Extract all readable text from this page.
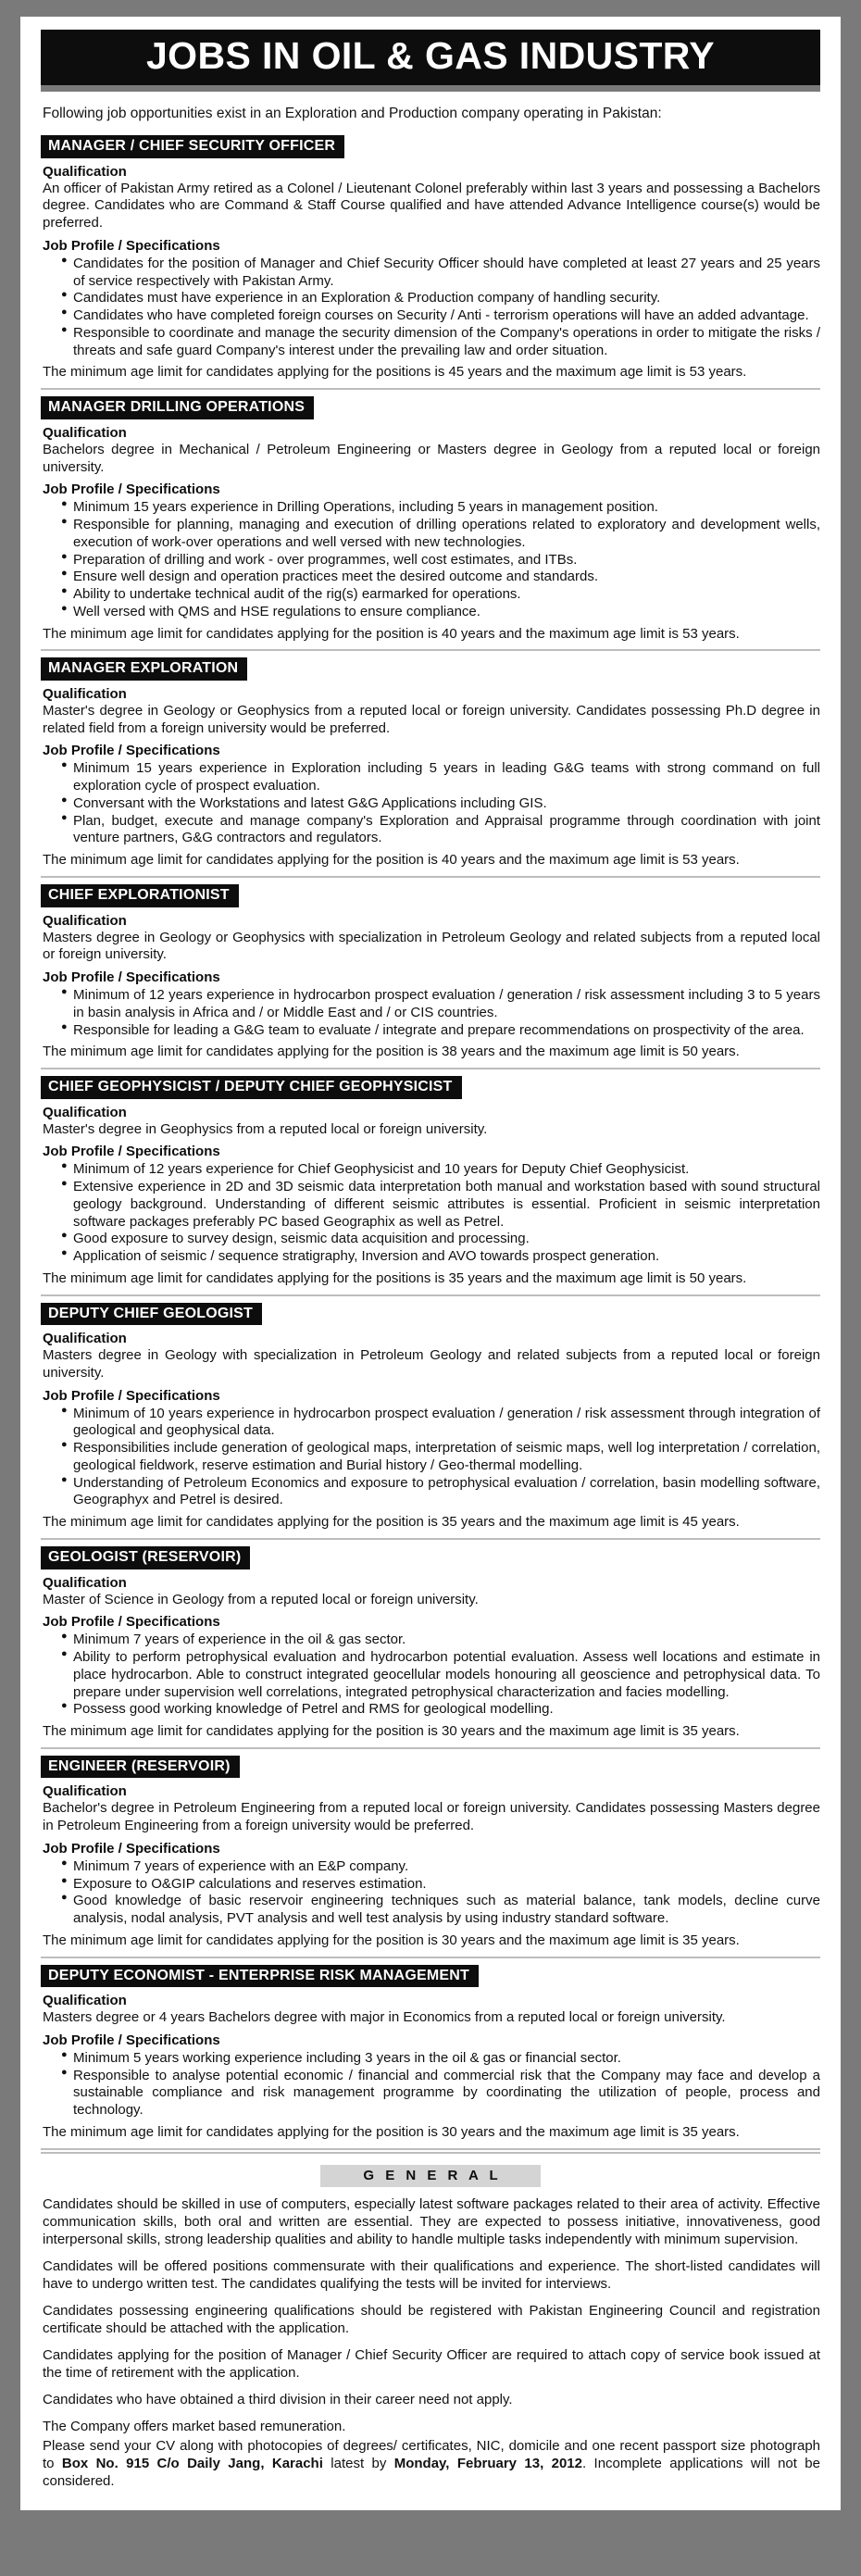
JOBS IN OIL & GAS INDUSTRY

Following job opportunities exist in an Exploration and Production company operating in Pakistan:

MANAGER / CHIEF SECURITY OFFICER
Qualification

An officer of Pakistan Army retired as a Colonel / Lieutenant Colonel preferably within last 3 years and possessing a Bachelors degree. Candidates who are Command & Staff Course qualified and have attended Advance Intelligence course(s) would be preferred.

Job Profile / Specifications
● Candidates for the position of Manager and Chief Security Officer should have completed at least 27 years and 25 years of service respectively with Pakistan Army.
● Candidates must have experience in an Exploration & Production company of handling security.
● Candidates who have completed foreign courses on Security / Anti - terrorism operations will have an added advantage.
● Responsible to coordinate and manage the security dimension of the Company's operations in order to mitigate the risks / threats and safe guard Company's interest under the prevailing law and order situation.

The minimum age limit for candidates applying for the positions is 45 years and the maximum age limit is 53 years.

MANAGER DRILLING OPERATIONS
Qualification

Bachelors degree in Mechanical / Petroleum Engineering or Masters degree in Geology from a reputed local or foreign university.

Job Profile / Specifications
● Minimum 15 years experience in Drilling Operations, including 5 years in management position.
● Responsible for planning, managing and execution of drilling operations related to exploratory and development wells, execution of work-over operations and well versed with new technologies.
● Preparation of drilling and work - over programmes, well cost estimates, and ITBs.
● Ensure well design and operation practices meet the desired outcome and standards.
● Ability to undertake technical audit of the rig(s) earmarked for operations.
● Well versed with QMS and HSE regulations to ensure compliance.

The minimum age limit for candidates applying for the position is 40 years and the maximum age limit is 53 years.

MANAGER EXPLORATION
Qualification

Master's degree in Geology or Geophysics from a reputed local or foreign university. Candidates possessing Ph.D degree in related field from a foreign university would be preferred.

Job Profile / Specifications
● Minimum 15 years experience in Exploration including 5 years in leading G&G teams with strong command on full exploration cycle of prospect evaluation.
● Conversant with the Workstations and latest G&G Applications including GIS.
● Plan, budget, execute and manage company's Exploration and Appraisal programme through coordination with joint venture partners, G&G contractors and regulators.

The minimum age limit for candidates applying for the position is 40 years and the maximum age limit is 53 years.

CHIEF EXPLORATIONIST
Qualification

Masters degree in Geology or Geophysics with specialization in Petroleum Geology and related subjects from a reputed local or foreign university.

Job Profile / Specifications
● Minimum of 12 years experience in hydrocarbon prospect evaluation / generation / risk assessment including 3 to 5 years in basin analysis in Africa and / or Middle East and / or CIS countries.
● Responsible for leading a G&G team to evaluate / integrate and prepare recommendations on prospectivity of the area.

The minimum age limit for candidates applying for the position is 38 years and the maximum age limit is 50 years.

CHIEF GEOPHYSICIST / DEPUTY CHIEF GEOPHYSICIST
Qualification

Master's degree in Geophysics from a reputed local or foreign university.

Job Profile / Specifications
● Minimum of 12 years experience for Chief Geophysicist and 10 years for Deputy Chief Geophysicist.
● Extensive experience in 2D and 3D seismic data interpretation both manual and workstation based with sound structural geology background. Understanding of different seismic attributes is essential. Proficient in seismic interpretation software packages preferably PC based Geographix as well as Petrel.
● Good exposure to survey design, seismic data acquisition and processing.
● Application of seismic / sequence stratigraphy, Inversion and AVO towards prospect generation.

The minimum age limit for candidates applying for the positions is 35 years and the maximum age limit is 50 years.

DEPUTY CHIEF GEOLOGIST
Qualification

Masters degree in Geology with specialization in Petroleum Geology and related subjects from a reputed local or foreign university.

Job Profile / Specifications
● Minimum of 10 years experience in hydrocarbon prospect evaluation / generation / risk assessment through integration of geological and geophysical data.
● Responsibilities include generation of geological maps, interpretation of seismic maps, well log interpretation / correlation, geological fieldwork, reserve estimation and Burial history / Geo-thermal modelling.
● Understanding of Petroleum Economics and exposure to petrophysical evaluation / correlation, basin modelling software, Geographyx and Petrel is desired.

The minimum age limit for candidates applying for the position is 35 years and the maximum age limit is 45 years.

GEOLOGIST (RESERVOIR)
Qualification

Master of Science in Geology from a reputed local or foreign university.

Job Profile / Specifications
● Minimum 7 years of experience in the oil & gas sector.
● Ability to perform petrophysical evaluation and hydrocarbon potential evaluation. Assess well locations and estimate in place hydrocarbon. Able to construct integrated geocellular models honouring all geoscience and petrophysical data. To prepare under supervision well correlations, integrated petrophysical characterization and facies modelling.
● Possess good working knowledge of Petrel and RMS for geological modelling.

The minimum age limit for candidates applying for the position is 30 years and the maximum age limit is 35 years.

ENGINEER (RESERVOIR)
Qualification

Bachelor's degree in Petroleum Engineering from a reputed local or foreign university. Candidates possessing Masters degree in Petroleum Engineering from a foreign university would be preferred.

Job Profile / Specifications
● Minimum 7 years of experience with an E&P company.
● Exposure to O&GIP calculations and reserves estimation.
● Good knowledge of basic reservoir engineering techniques such as material balance, tank models, decline curve analysis, nodal analysis, PVT analysis and well test analysis by using industry standard software.

The minimum age limit for candidates applying for the position is 30 years and the maximum age limit is 35 years.

DEPUTY ECONOMIST - ENTERPRISE RISK MANAGEMENT
Qualification

Masters degree or 4 years Bachelors degree with major in Economics from a reputed local or foreign university.

Job Profile / Specifications
● Minimum 5 years working experience including 3 years in the oil & gas or financial sector.
● Responsible to analyse potential economic / financial and commercial risk that the Company may face and develop a sustainable compliance and risk management programme by coordinating the utilization of people, process and technology.

The minimum age limit for candidates applying for the position is 30 years and the maximum age limit is 35 years.

G E N E R A L

Candidates should be skilled in use of computers, especially latest software packages related to their area of activity. Effective communication skills, both oral and written are essential. They are expected to possess initiative, innovativeness, good interpersonal skills, strong leadership qualities and ability to handle multiple tasks independently with minimum supervision.

Candidates will be offered positions commensurate with their qualifications and experience. The short-listed candidates will have to undergo written test. The candidates qualifying the tests will be invited for interviews.

Candidates possessing engineering qualifications should be registered with Pakistan Engineering Council and registration certificate should be attached with the application.

Candidates applying for the position of Manager / Chief Security Officer are required to attach copy of service book issued at the time of retirement with the application.

Candidates who have obtained a third division in their career need not apply.

The Company offers market based remuneration.

Please send your CV along with photocopies of degrees/ certificates, NIC, domicile and one recent passport size photograph to Box No. 915 C/o Daily Jang, Karachi latest by Monday, February 13, 2012. Incomplete applications will not be considered.
